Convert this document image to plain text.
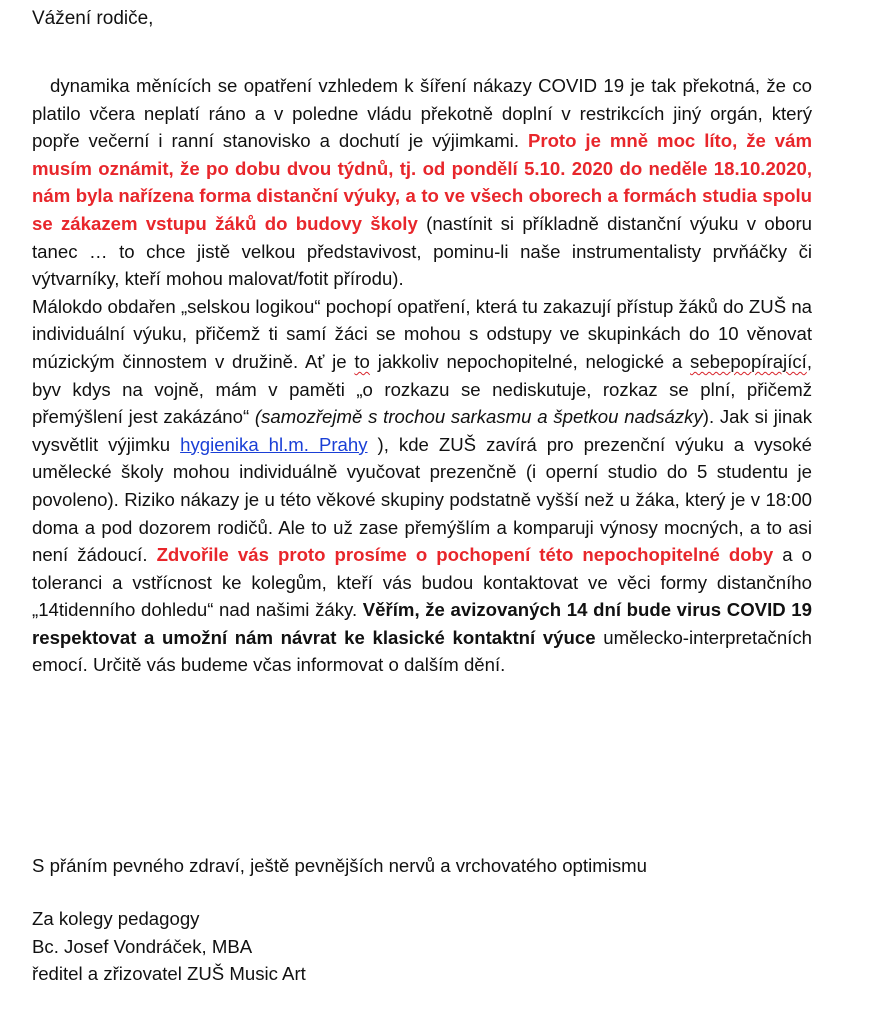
Vážení rodiče,
dynamika měnících se opatření vzhledem k šíření nákazy COVID 19 je tak překotná, že co platilo včera neplatí ráno a v poledne vládu překotně doplní v restrikcích jiný orgán, který popře večerní i ranní stanovisko a dochutí je výjimkami. Proto je mně moc líto, že vám musím oznámit, že po dobu dvou týdnů, tj. od pondělí 5.10. 2020 do neděle 18.10.2020, nám byla nařízena forma distanční výuky, a to ve všech oborech a formách studia spolu se zákazem vstupu žáků do budovy školy (nastínit si příkladně distanční výuku v oboru tanec … to chce jistě velkou představivost, pominu-li naše instrumentalisty prvňáčky či výtvarníky, kteří mohou malovat/fotit přírodu).
Málokdo obdařen „selskou logikou“ pochopí opatření, která tu zakazují přístup žáků do ZUŠ na individuální výuku, přičemž ti samí žáci se mohou s odstupy ve skupinkách do 10 věnovat múzickým činnostem v družině. Ať je to jakkoliv nepochopitelné, nelogické a sebepopírající, byv kdys na vojně, mám v paměti „o rozkazu se nediskutuje, rozkaz se plní, přičemž přemýšlení jest zakázáno“ (samozřejmě s trochou sarkasmu a špetkou nadsázky). Jak si jinak vysvětlit výjimku hygienika hl.m. Prahy ), kde ZUŠ zavírá pro prezenční výuku a vysoké umělecké školy mohou individuálně vyučovat prezenčně (i operní studio do 5 studentu je povoleno). Riziko nákazy je u této věkové skupiny podstatně vyšší než u žáka, který je v 18:00 doma a pod dozorem rodičů. Ale to už zase přemýšlím a komparuji výnosy mocných, a to asi není žádoucí. Zdvořile vás proto prosíme o pochopení této nepochopitelné doby a o toleranci a vstřícnost ke kolegům, kteří vás budou kontaktovat ve věci formy distančního „14tidenního dohledu“ nad našimi žáky. Věřím, že avizovaných 14 dní bude virus COVID 19 respektovat a umožní nám návrat ke klasické kontaktní výuce umělecko-interpretačních emocí. Určitě vás budeme včas informovat o dalším dění.
S přáním pevného zdraví, ještě pevnějších nervů a vrchovatého optimismu
Za kolegy pedagogy
Bc. Josef Vondráček, MBA
ředitel a zřizovatel ZUŠ Music Art
